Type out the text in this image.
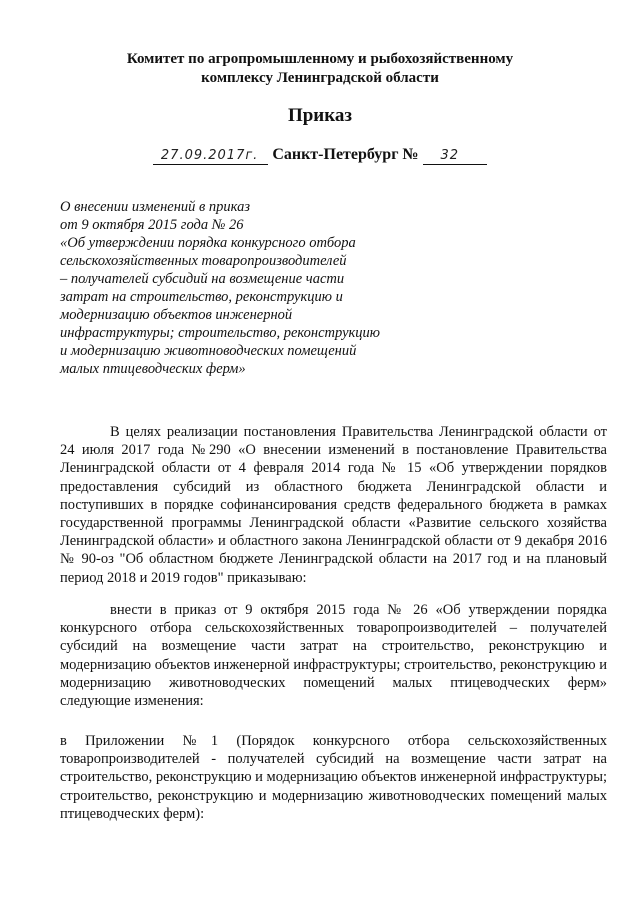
Комитет по агропромышленному и рыбохозяйственному
комплексу Ленинградской области
Приказ
27.09.2017г. Санкт-Петербург № 32
О внесении изменений в приказ
от 9 октября 2015 года № 26
«Об утверждении порядка конкурсного отбора
сельскохозяйственных товаропроизводителей
– получателей субсидий на возмещение части
затрат на строительство, реконструкцию и
модернизацию объектов инженерной
инфраструктуры; строительство, реконструкцию
и модернизацию животноводческих помещений
малых птицеводческих ферм»
В целях реализации постановления Правительства Ленинградской области от 24 июля 2017 года №290 «О внесении изменений в постановление Правительства Ленинградской области от 4 февраля 2014 года № 15 «Об утверждении порядков предоставления субсидий из областного бюджета Ленинградской области и поступивших в порядке софинансирования средств федерального бюджета в рамках государственной программы Ленинградской области «Развитие сельского хозяйства Ленинградской области» и областного закона Ленинградской области от 9 декабря 2016 № 90-оз "Об областном бюджете Ленинградской области на 2017 год и на плановый период 2018 и 2019 годов" приказываю:
внести в приказ от 9 октября 2015 года № 26 «Об утверждении порядка конкурсного отбора сельскохозяйственных товаропроизводителей – получателей субсидий на возмещение части затрат на строительство, реконструкцию и модернизацию объектов инженерной инфраструктуры; строительство, реконструкцию и модернизацию животноводческих помещений малых птицеводческих ферм» следующие изменения:
в Приложении №1 (Порядок конкурсного отбора сельскохозяйственных товаропроизводителей - получателей субсидий на возмещение части затрат на строительство, реконструкцию и модернизацию объектов инженерной инфраструктуры; строительство, реконструкцию и модернизацию животноводческих помещений малых птицеводческих ферм):
